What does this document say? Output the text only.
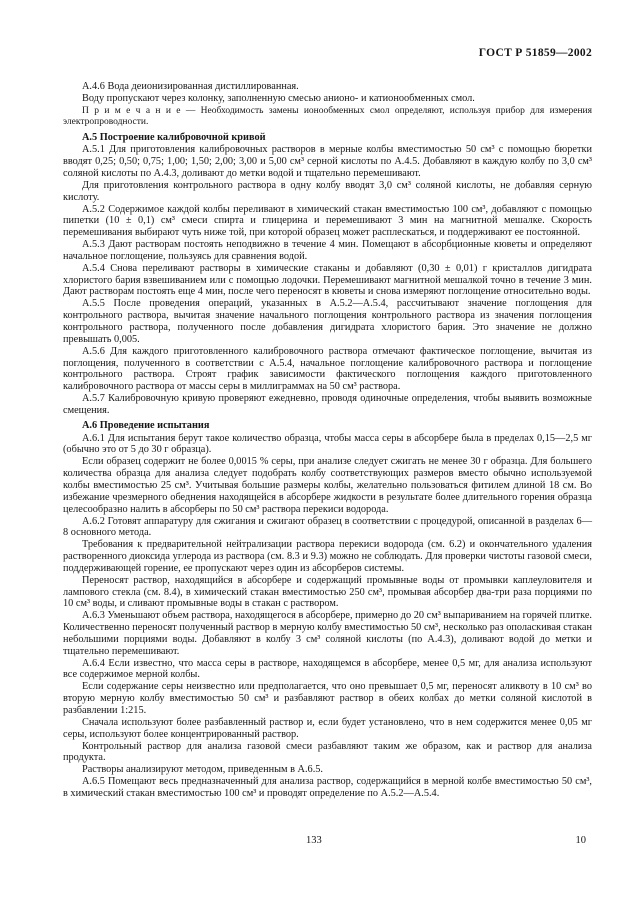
ГОСТ Р 51859—2002

А.4.6 Вода деионизированная дистиллированная.

Воду пропускают через колонку, заполненную смесью анионо- и катионообменных смол.

П р и м е ч а н и е — Необходимость замены ионообменных смол определяют, используя прибор для измерения электропроводности.

А.5 Построение калибровочной кривой

А.5.1 Для приготовления калибровочных растворов в мерные колбы вместимостью 50 см³ с помощью бюретки вводят 0,25; 0,50; 0,75; 1,00; 1,50; 2,00; 3,00 и 5,00 см³ серной кислоты по А.4.5. Добавляют в каждую колбу по 3,0 см³ соляной кислоты по А.4.3, доливают до метки водой и тщательно перемешивают.

Для приготовления контрольного раствора в одну колбу вводят 3,0 см³ соляной кислоты, не добавляя серную кислоту.

А.5.2 Содержимое каждой колбы переливают в химический стакан вместимостью 100 см³, добавляют с помощью пипетки (10 ± 0,1) см³ смеси спирта и глицерина и перемешивают 3 мин на магнитной мешалке. Скорость перемешивания выбирают чуть ниже той, при которой образец может расплескаться, и поддерживают ее постоянной.

А.5.3 Дают растворам постоять неподвижно в течение 4 мин. Помещают в абсорбционные кюветы и определяют начальное поглощение, пользуясь для сравнения водой.

А.5.4 Снова переливают растворы в химические стаканы и добавляют (0,30 ± 0,01) г кристаллов дигидрата хлористого бария взвешиванием или с помощью лодочки. Перемешивают магнитной мешалкой точно в течение 3 мин. Дают растворам постоять еще 4 мин, после чего переносят в кюветы и снова измеряют поглощение относительно воды.

А.5.5 После проведения операций, указанных в А.5.2—А.5.4, рассчитывают значение поглощения для контрольного раствора, вычитая значение начального поглощения контрольного раствора из значения поглощения контрольного раствора, полученного после добавления дигидрата хлористого бария. Это значение не должно превышать 0,005.

А.5.6 Для каждого приготовленного калибровочного раствора отмечают фактическое поглощение, вычитая из поглощения, полученного в соответствии с А.5.4, начальное поглощение калибровочного раствора и поглощение контрольного раствора. Строят график зависимости фактического поглощения каждого приготовленного калибровочного раствора от массы серы в миллиграммах на 50 см³ раствора.

А.5.7 Калибровочную кривую проверяют ежедневно, проводя одиночные определения, чтобы выявить возможные смещения.

А.6 Проведение испытания

А.6.1 Для испытания берут такое количество образца, чтобы масса серы в абсорбере была в пределах 0,15—2,5 мг (обычно это от 5 до 30 г образца).

Если образец содержит не более 0,0015 % серы, при анализе следует сжигать не менее 30 г образца. Для большего количества образца для анализа следует подобрать колбу соответствующих размеров вместо обычно используемой колбы вместимостью 25 см³. Учитывая большие размеры колбы, желательно пользоваться фитилем длиной 18 см. Во избежание чрезмерного обеднения находящейся в абсорбере жидкости в результате более длительного горения образца целесообразно налить в абсорберы по 50 см³ раствора перекиси водорода.

А.6.2 Готовят аппаратуру для сжигания и сжигают образец в соответствии с процедурой, описанной в разделах 6—8 основного метода.

Требования к предварительной нейтрализации раствора перекиси водорода (см. 6.2) и окончательного удаления растворенного диоксида углерода из раствора (см. 8.3 и 9.3) можно не соблюдать. Для проверки чистоты газовой смеси, поддерживающей горение, ее пропускают через один из абсорберов системы.

Переносят раствор, находящийся в абсорбере и содержащий промывные воды от промывки каплеуловителя и лампового стекла (см. 8.4), в химический стакан вместимостью 250 см³, промывая абсорбер два-три раза порциями по 10 см³ воды, и сливают промывные воды в стакан с раствором.

А.6.3 Уменьшают объем раствора, находящегося в абсорбере, примерно до 20 см³ выпариванием на горячей плитке. Количественно переносят полученный раствор в мерную колбу вместимостью 50 см³, несколько раз ополаскивая стакан небольшими порциями воды. Добавляют в колбу 3 см³ соляной кислоты (по А.4.3), доливают водой до метки и тщательно перемешивают.

А.6.4 Если известно, что масса серы в растворе, находящемся в абсорбере, менее 0,5 мг, для анализа используют все содержимое мерной колбы.

Если содержание серы неизвестно или предполагается, что оно превышает 0,5 мг, переносят аликвоту в 10 см³ во вторую мерную колбу вместимостью 50 см³ и разбавляют раствор в обеих колбах до метки соляной кислотой в разбавлении 1:215.

Сначала используют более разбавленный раствор и, если будет установлено, что в нем содержится менее 0,05 мг серы, используют более концентрированный раствор.

Контрольный раствор для анализа газовой смеси разбавляют таким же образом, как и раствор для анализа продукта.

Растворы анализируют методом, приведенным в А.6.5.

А.6.5 Помещают весь предназначенный для анализа раствор, содержащийся в мерной колбе вместимостью 50 см³, в химический стакан вместимостью 100 см³ и проводят определение по А.5.2—А.5.4.

133	10
